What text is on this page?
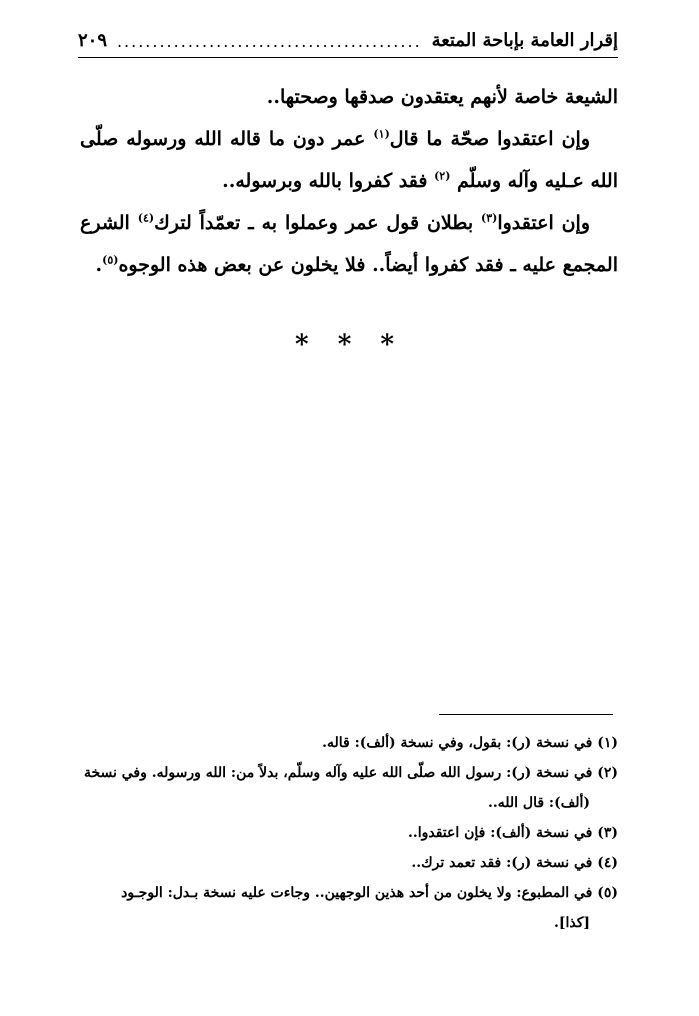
إقرار العامة بإباحة المتعة
...........................................
٢٠٩

الشيعة خاصة لأنهم يعتقدون صدقها وصحتها..

وإن اعتقدوا صحّة ما قال$^{(١)}$ عمر دون ما قاله الله ورسوله صلّى الله عـليه وآله وسلّم $^{(٢)}$ فقد كفروا بالله وبرسوله..

وإن اعتقدوا$^{(٣)}$ بطلان قول عمر وعملوا به ـ تعمّداً لترك$^{(٤)}$ الشرع المجمع عليه ـ فقد كفروا أيضاً.. فلا يخلون عن بعض هذه الوجوه$^{(٥)}$.

* * *

(١) في نسخة (ر): بقول، وفي نسخة (ألف): قاله.

(٢) في نسخة (ر): رسول الله صلّى الله عليه وآله وسلّم، بدلاً من: الله ورسوله. وفي نسخة

(ألف): قال الله..

(٣) في نسخة (ألف): فإن اعتقدوا..

(٤) في نسخة (ر): فقد تعمد ترك..

(٥) في المطبوع: ولا يخلون من أحد هذين الوجهين.. وجاءت عليه نسخة بـدل: الوجـود

[كذا].
